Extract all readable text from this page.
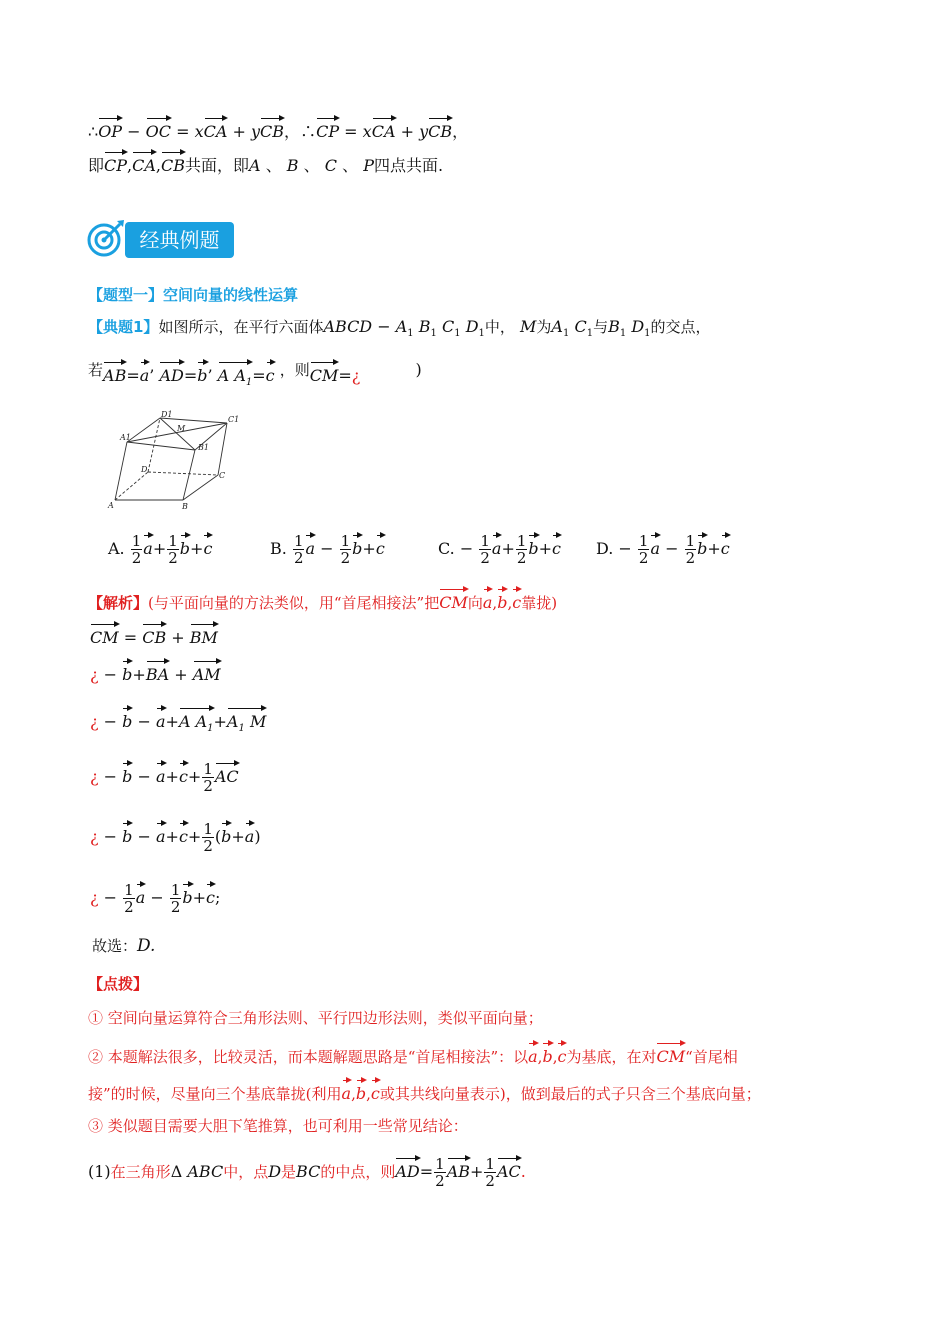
∴OP − OC = xCA + yCB，∴CP = xCA + yCB，
即CP,CA,CB共面，即A 、 B 、 C 、 P四点共面.
经典例题
【题型一】空间向量的线性运算
【典题1】如图所示，在平行六面体ABCD − $A_1$ $B_1$ $C_1$ $D_1$中， M为$A_1$ $C_1$与$B_1$ $D_1$的交点，
若AB=a’ AD=b’ A $A_1=c$ ，则CM=¿	)
D1
C1
A1
M
B1
D
C
A	B
A. $\frac{1}{2} a+ \frac{1}{2} b+c$	B. $\frac{1}{2}$ $a - \frac{1}{2} b+c$	C. − $\frac{1}{2} a+ \frac{1}{2} b+c$ D. − $\frac{1}{2}$ $a - \frac{1}{2} b+c$
【解析】(与平面向量的方法类似，用“首尾相接法”把CM向a,b,c靠拢)
CM = CB + BM
¿ − b+BA + AM
¿ − b − a+A $A_1+A_1$ M
¿ − $b - a+c+ \frac{1}{2}$ AC
¿ − $b - a+c+ \frac{1}{2} (b+a)$
¿ − $\frac{1}{2}$ $a - \frac{1}{2} b+c$;
故选：D.
【点拨】
① 空间向量运算符合三角形法则、平行四边形法则，类似平面向量；
② 本题解法很多，比较灵活，而本题解题思路是“首尾相接法”：以a,b,c为基底，在对CM“首尾相
接”的时候，尽量向三个基底靠拢(利用a,b,c或其共线向量表示)，做到最后的式子只含三个基底向量；
③ 类似题目需要大胆下笔推算，也可利用一些常见结论：
(1)在三角形Δ ABC中，点D是BC的中点，则$AD= \frac{1}{2} AB+ \frac{1}{2}$ AC.
